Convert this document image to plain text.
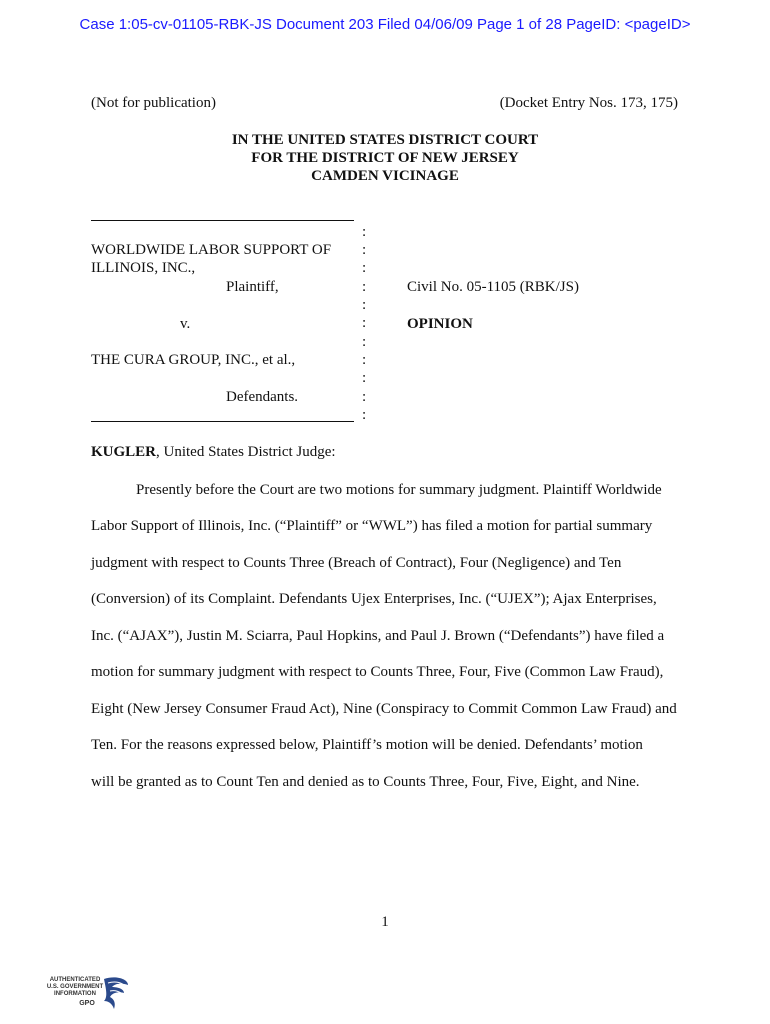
Case 1:05-cv-01105-RBK-JS Document 203 Filed 04/06/09 Page 1 of 28 PageID: <pageID>
(Not for publication)	(Docket Entry Nos. 173, 175)
IN THE UNITED STATES DISTRICT COURT
FOR THE DISTRICT OF NEW JERSEY
CAMDEN VICINAGE
:
:
:
:
:
:
:
:
:
:
:
WORLDWIDE LABOR SUPPORT OF
ILLINOIS, INC.,
Plaintiff,
v.
THE CURA GROUP, INC., et al.,
Defendants.
Civil No. 05-1105 (RBK/JS)
OPINION
KUGLER, United States District Judge:
Presently before the Court are two motions for summary judgment. Plaintiff Worldwide
Labor Support of Illinois, Inc. (“Plaintiff” or “WWL”) has filed a motion for partial summary
judgment with respect to Counts Three (Breach of Contract), Four (Negligence) and Ten
(Conversion) of its Complaint. Defendants Ujex Enterprises, Inc. (“UJEX”); Ajax Enterprises,
Inc. (“AJAX”), Justin M. Sciarra, Paul Hopkins, and Paul J. Brown (“Defendants”) have filed a
motion for summary judgment with respect to Counts Three, Four, Five (Common Law Fraud),
Eight (New Jersey Consumer Fraud Act), Nine (Conspiracy to Commit Common Law Fraud) and
Ten. For the reasons expressed below, Plaintiff’s motion will be denied. Defendants’ motion
will be granted as to Count Ten and denied as to Counts Three, Four, Five, Eight, and Nine.
1
AUTHENTICATED
U.S. GOVERNMENT
INFORMATION
GPO
